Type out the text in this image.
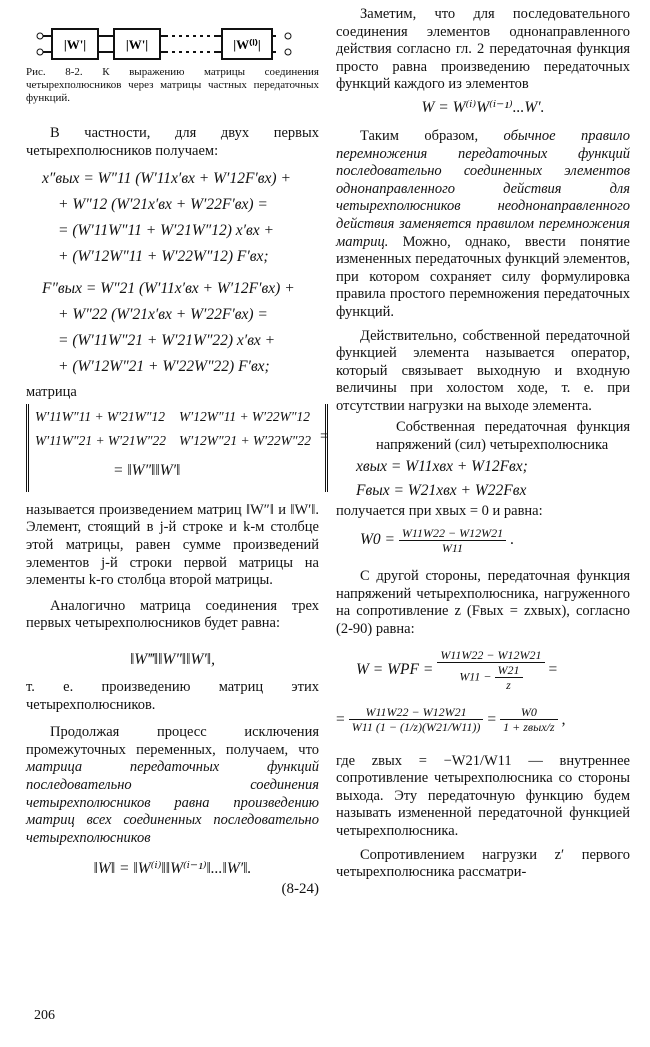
|W'|	|W'|	|W⁽ⁱ⁾|

Рис. 8-2. К выражению матрицы соединения четырехполюсников через матрицы частных передаточных функций.

В частности, для двух первых четырехполюсников получаем:

x″вых = W″11 (W′11x′вх + W′12F′вх) +
+ W″12 (W′21x′вх + W′22F′вх) =
= (W′11W″11 + W′21W″12) x′вх +
+ (W′12W″11 + W′22W″12) F′вх;
F″вых = W″21 (W′11x′вх + W′12F′вх) +
+ W″22 (W′21x′вх + W′22F′вх) =
= (W′11W″21 + W′21W″22) x′вх +
+ (W′12W″21 + W′22W″22) F′вх;

матрица

W′11W″11 + W′21W″12 W′12W″11 + W′22W″12
W′11W″21 + W′21W″22 W′12W″21 + W′22W″22
= ‖W″‖‖W′‖
=

называется произведением матриц ‖W″‖ и ‖W′‖. Элемент, стоящий в j-й строке и k-м столбце этой матрицы, равен сумме произведений элементов j-й строки первой матрицы на элементы k-го столбца второй матрицы.

Аналогично матрица соединения трех первых четырехполюсников будет равна:

‖W‴‖‖W″‖‖W′‖,

т. е. произведению матриц этих четырехполюсников.

Продолжая процесс исключения промежуточных переменных, получаем, что матрица передаточных функций последовательно соединения четырехполюсников равна произведению матриц всех соединенных последовательно четырехполюсников

‖W‖ = ‖W⁽ⁱ⁾‖‖W⁽ⁱ⁻¹⁾‖...‖W′‖.
(8-24)

Заметим, что для последовательного соединения элементов однонаправленного действия согласно гл. 2 передаточная функция просто равна произведению передаточных функций каждого из элементов

W = W⁽ⁱ⁾W⁽ⁱ⁻¹⁾...W′.

Таким образом, обычное правило перемножения передаточных функций последовательно соединенных элементов однонаправленного действия для четырехполюсников неоднонаправленного действия заменяется правилом перемножения матриц. Можно, однако, ввести понятие измененных передаточных функций элементов, при котором сохраняет силу формулировка правила простого перемножения передаточных функций.

Действительно, собственной передаточной функцией элемента называется оператор, который связывает выходную и входную величины при холостом ходе, т. е. при отсутствии нагрузки на выходе элемента.

Собственная передаточная функция напряжений (сил) четырехполюсника

xвых = W11xвх + W12Fвх;
Fвых = W21xвх + W22Fвх

получается при xвых = 0 и равна:

$W0 = \frac{W11W22 - W12W21}{W11}$ .

С другой стороны, передаточная функция напряжений четырехполюсника, нагруженного на сопротивление z (Fвых = zxвых), согласно (2-90) равна:

W = WPF = $\frac{W11W22 - W12W21}{W11 - \frac{W21}{z}}$ =
= $\frac{W11W22 - W12W21}{W11 (1 - (1/z)(W21/W11))} = \frac{W0}{\text{1 + zвых/z}}$ ,

где zвых = −W21/W11 — внутреннее сопротивление четырехполюсника со стороны выхода. Эту передаточную функцию будем называть измененной передаточной функцией четырехполюсника.

Сопротивлением нагрузки z′ первого четырехполюсника рассматри-

206
